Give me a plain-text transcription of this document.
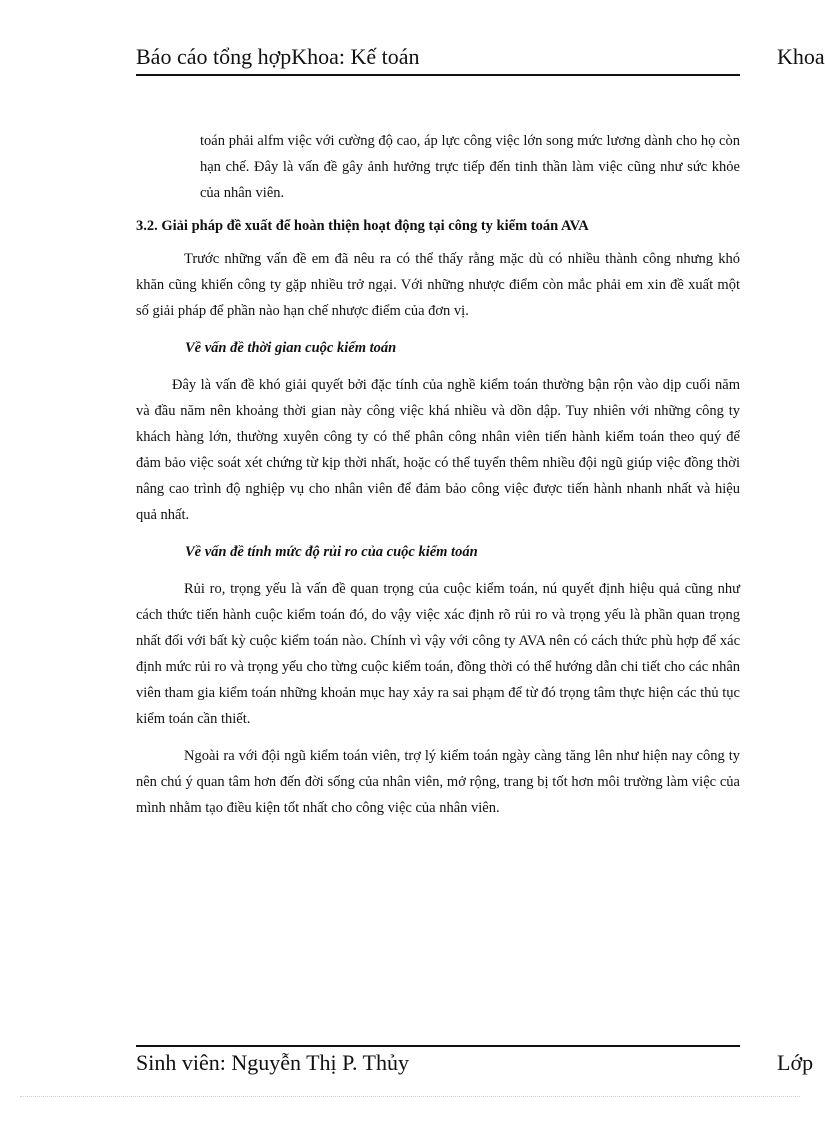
Báo cáo tổng hợpKhoa: Kế toán	Khoa

toán phải alfm việc với cường độ cao, áp lực công việc lớn song mức lương dành cho họ còn hạn chế. Đây là vấn đề gây ảnh hưởng trực tiếp đến tinh thần làm việc cũng như sức khỏe của nhân viên.

3.2. Giải pháp đề xuất để hoàn thiện hoạt động tại công ty kiểm toán AVA

Trước những vấn đề em đã nêu ra có thể thấy rằng mặc dù có nhiều thành công nhưng khó khăn cũng khiến công ty gặp nhiều trở ngại. Với những nhược điểm còn mắc phải em xin đề xuất một số giải pháp để phần nào hạn chế nhược điểm của đơn vị.

Về vấn đề thời gian cuộc kiểm toán

Đây là vấn đề khó giải quyết bởi đặc tính của nghề kiểm toán thường bận rộn vào dịp cuối năm và đầu năm nên khoảng thời gian này công việc khá nhiều và dồn dập. Tuy nhiên với những công ty khách hàng lớn, thường xuyên công ty có thể phân công nhân viên tiến hành kiểm toán theo quý để đảm bảo việc soát xét chứng từ kịp thời nhất, hoặc có thể tuyển thêm nhiều đội ngũ giúp việc đồng thời nâng cao trình độ nghiệp vụ cho nhân viên để đảm bảo công việc được tiến hành nhanh nhất và hiệu quả nhất.

Về vấn đề tính mức độ rủi ro của cuộc kiểm toán

Rủi ro, trọng yếu là vấn đề quan trọng của cuộc kiểm toán, nú quyết định hiệu quả cũng như cách thức tiến hành cuộc kiểm toán đó, do vậy việc xác định rõ rủi ro và trọng yếu là phần quan trọng nhất đối với bất kỳ cuộc kiểm toán nào. Chính vì vậy với công ty AVA nên có cách thức phù hợp để xác định mức rủi ro và trọng yếu cho từng cuộc kiểm toán, đồng thời có thể hướng dẫn chi tiết cho các nhân viên tham gia kiểm toán những khoản mục hay xảy ra sai phạm để từ đó trọng tâm thực hiện các thủ tục kiểm toán cần thiết.

Ngoài ra với đội ngũ kiểm toán viên, trợ lý kiểm toán ngày càng tăng lên như hiện nay công ty nên chú ý quan tâm hơn đến đời sống của nhân viên, mở rộng, trang bị tốt hơn môi trường làm việc của mình nhằm tạo điều kiện tốt nhất cho công việc của nhân viên.

Sinh viên: Nguyễn Thị P. Thủy	Lớp
